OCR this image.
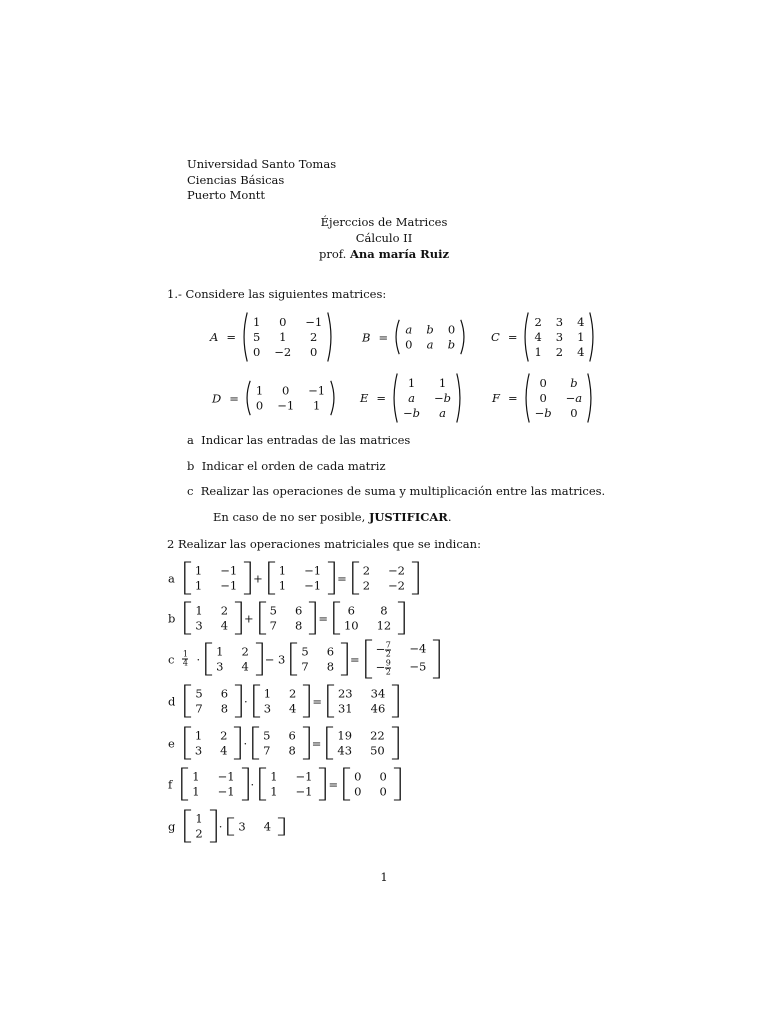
Universidad Santo Tomas
Ciencias Básicas
Puerto Montt
Éjerccios de Matrices
Cálculo II
prof. Ana maría Ruiz
1.- Considere las siguientes matrices:
A =
1	0	−1
5	1	2
0 −2	0
B =
a b 0
0 a b
C =
2 3 4
4 3 1
1 2 4
D =
1	0	−1
0 −1	1
E =
1	1
a	−b
−b	a
F =
0	b
0	−a
−b	0
a Indicar las entradas de las matrices
b Indicar el orden de cada matriz
c Realizar las operaciones de suma y multiplicación entre las matrices.
En caso de no ser posible, JUSTIFICAR.
2 Realizar las operaciones matriciales que se indican:
a
1 −1
1 −1
+
1 −1
1 −1
=
2 −2
2 −2
b
1 2
3 4
+
5 6
7 8
=
6	8
10 12
c $\frac{1}{4}$ ·
1 2
3 4
− 3
5 6
7 8
=
− $\frac{7}{2} -4$
− $\frac{9}{2} -5$
d
5 6
7 8
·
1 2
3 4
=
23 34
31 46
e
1 2
3 4
·
5 6
7 8
=
19 22
43 50
f
1 −1
1 −1
·
1 −1
1 −1
=
0 0
0 0
g
1
2
· 3 4
1
